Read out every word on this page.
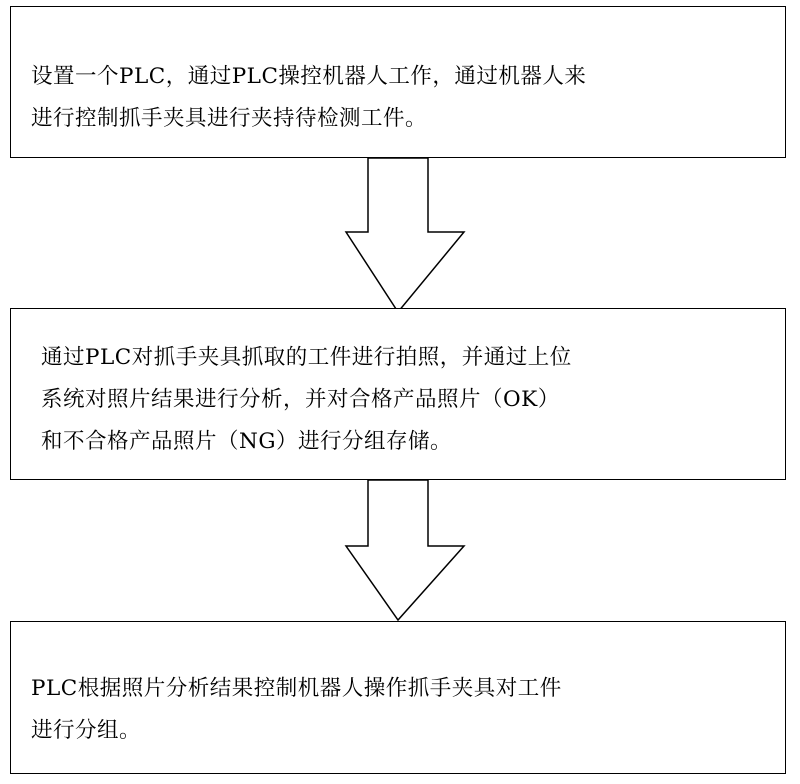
设置一个PLC，通过PLC操控机器人工作，通过机器人来
进行控制抓手夹具进行夹持待检测工件。

通过PLC对抓手夹具抓取的工件进行拍照，并通过上位
系统对照片结果进行分析，并对合格产品照片（OK）
和不合格产品照片（NG）进行分组存储。

PLC根据照片分析结果控制机器人操作抓手夹具对工件
进行分组。
